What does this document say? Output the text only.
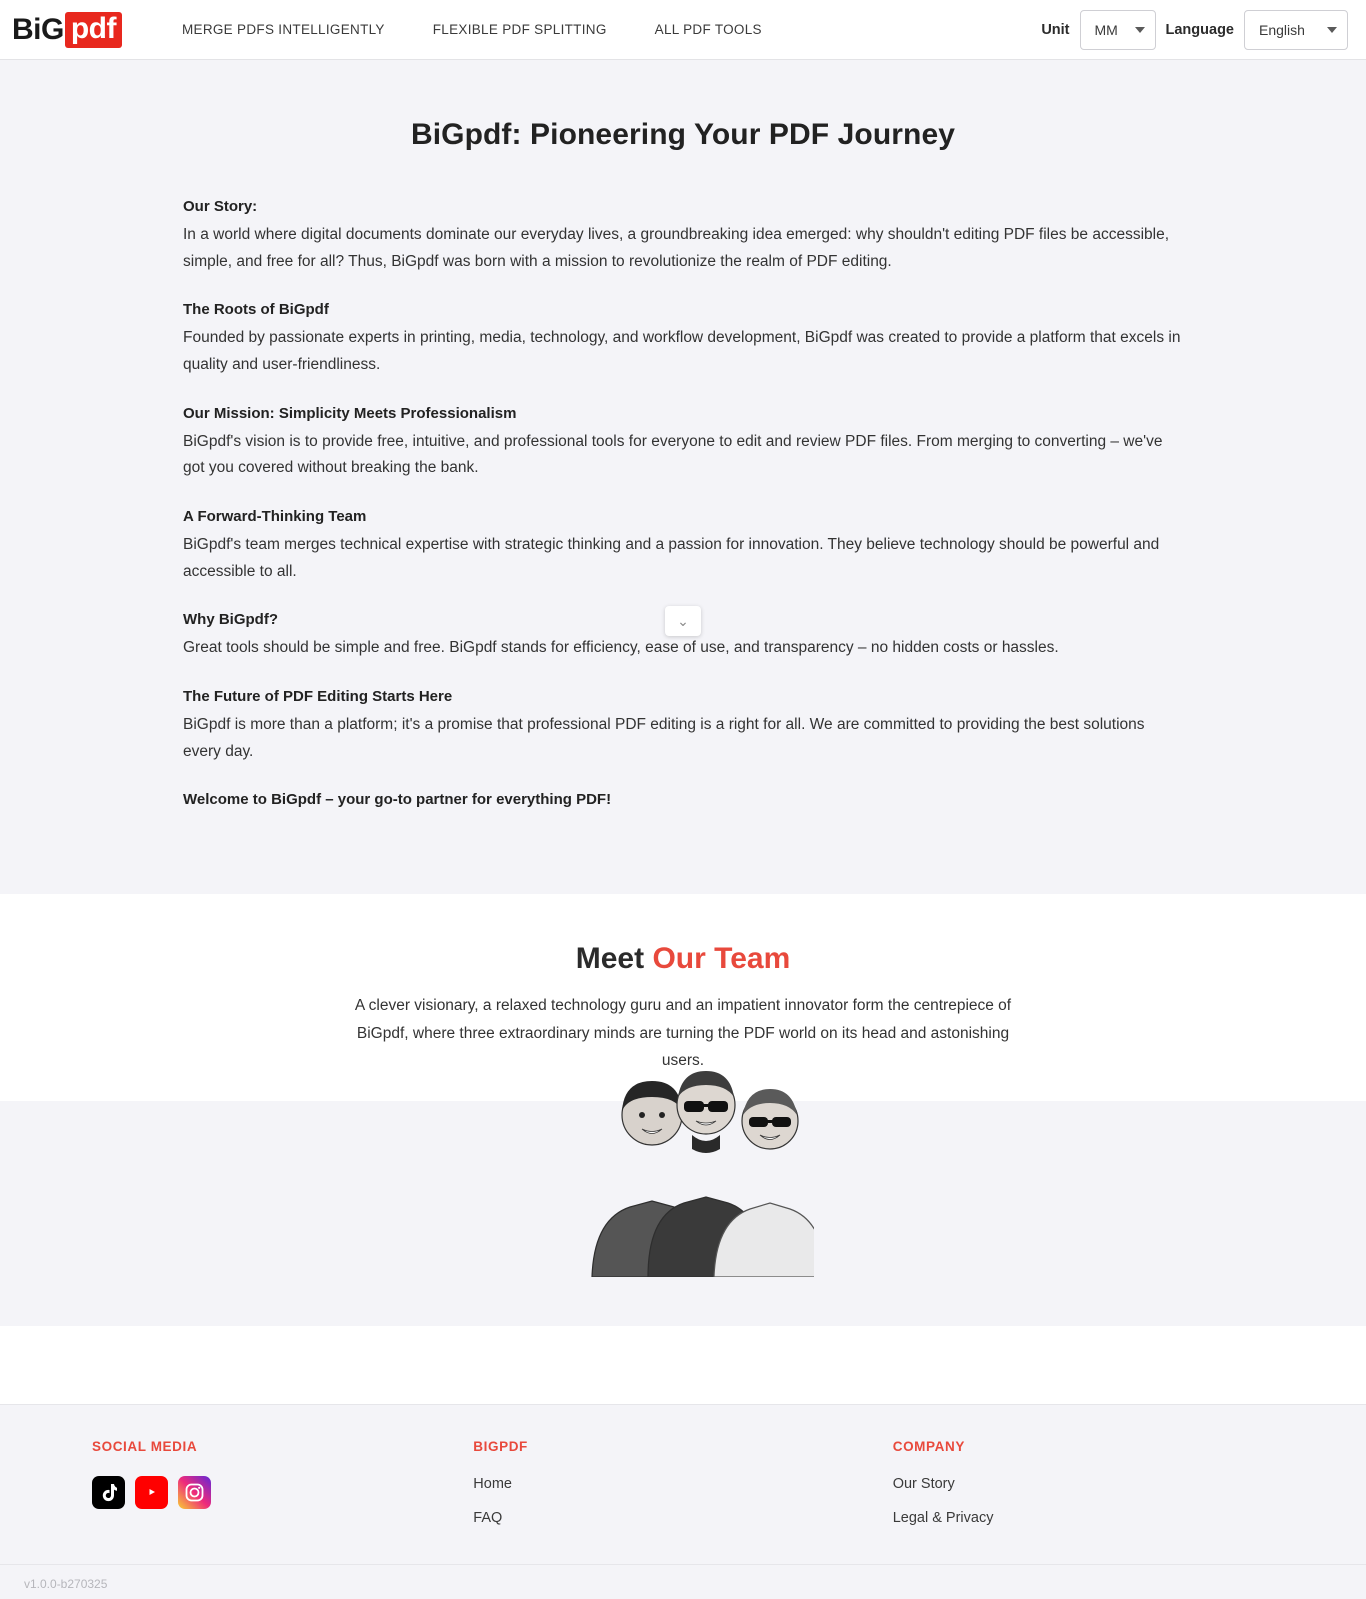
BiG pdf	MERGE PDFS INTELLIGENTLY	FLEXIBLE PDF SPLITTING	ALL PDF TOOLS	Unit MM	Language English
BiGpdf: Pioneering Your PDF Journey
Our Story:

In a world where digital documents dominate our everyday lives, a groundbreaking idea emerged: why shouldn't editing PDF files be accessible, simple, and free for all? Thus, BiGpdf was born with a mission to revolutionize the realm of PDF editing.

The Roots of BiGpdf

Founded by passionate experts in printing, media, technology, and workflow development, BiGpdf was created to provide a platform that excels in quality and user-friendliness.

Our Mission: Simplicity Meets Professionalism

BiGpdf's vision is to provide free, intuitive, and professional tools for everyone to edit and review PDF files. From merging to converting – we've got you covered without breaking the bank.

A Forward-Thinking Team

BiGpdf's team merges technical expertise with strategic thinking and a passion for innovation. They believe technology should be powerful and accessible to all.

Why BiGpdf?

Great tools should be simple and free. BiGpdf stands for efficiency, ease of use, and transparency – no hidden costs or hassles.

The Future of PDF Editing Starts Here

BiGpdf is more than a platform; it's a promise that professional PDF editing is a right for all. We are committed to providing the best solutions every day.

Welcome to BiGpdf – your go-to partner for everything PDF!
⌄
Meet Our Team
A clever visionary, a relaxed technology guru and an impatient innovator form the centrepiece of BiGpdf, where three extraordinary minds are turning the PDF world on its head and astonishing users.
SOCIAL MEDIA	BIGPDF
Home
FAQ
COMPANY
Our Story
Legal & Privacy
v1.0.0-b270325
